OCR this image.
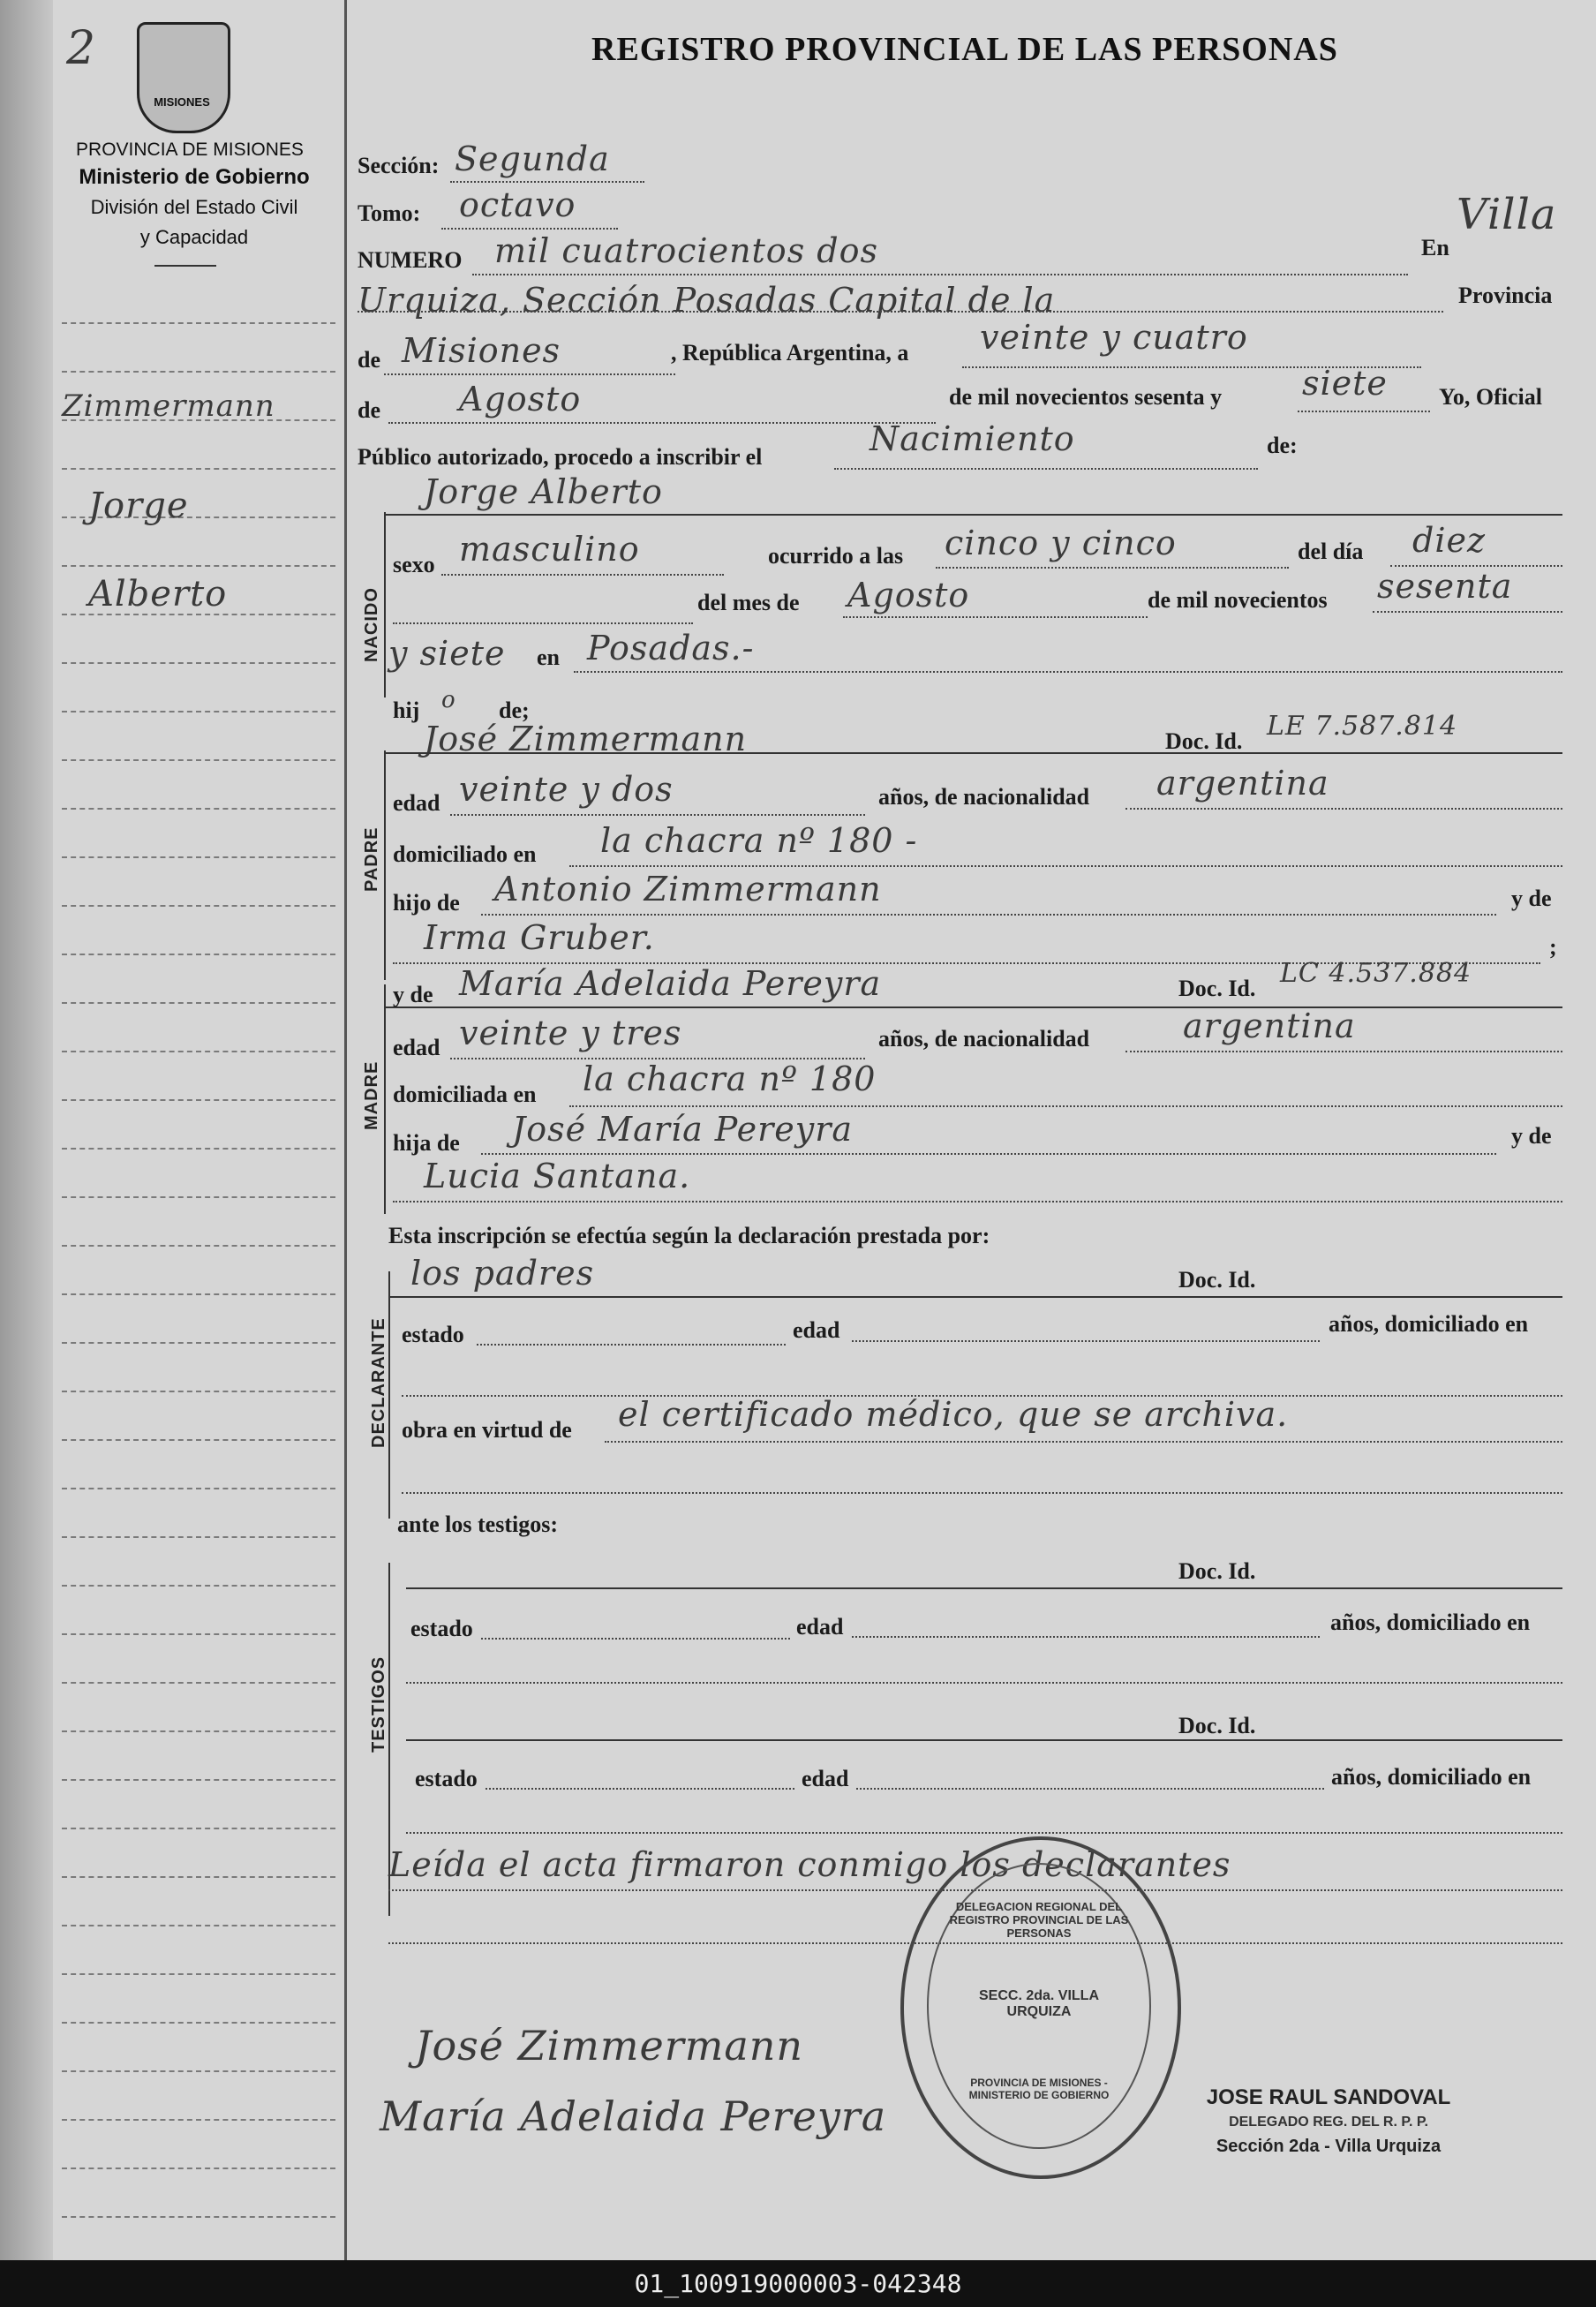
2
MISIONES
PROVINCIA DE MISIONES
Ministerio de Gobierno
División del Estado Civil
y Capacidad
Zimmermann
Jorge
Alberto
REGISTRO PROVINCIAL DE LAS PERSONAS
Sección: Segunda
Tomo: octavo
NUMERO mil cuatrocientos dos	En
Villa
Urquiza, Sección Posadas Capital de la	Provincia
de Misiones	, República Argentina, a veinte y cuatro
de Agosto	de mil novecientos sesenta y siete Yo, Oficial
Público autorizado, procedo a inscribir el	Nacimiento	de:
NACIDO
Jorge Alberto
sexo masculino	ocurrido a las cinco y cinco	del día diez
del mes de Agosto	de mil novecientos sesenta
y siete en Posadas.-
hij o de;
PADRE
José Zimmermann	Doc. Id. LE 7.587.814
edad veinte y dos	años, de nacionalidad argentina
domiciliado en la chacra nº 180 -
hijo de Antonio Zimmermann	y de
Irma Gruber.	;
MADRE
y de María Adelaida Pereyra	Doc. Id. LC 4.537.884
edad veinte y tres	años, de nacionalidad	argentina
domiciliada en la chacra nº 180
hija de José María Pereyra	y de
Lucia Santana.
Esta inscripción se efectúa según la declaración prestada por:
DECLARANTE
los padres	Doc. Id.
estado	edad	años, domiciliado en
obra en virtud de el certificado médico, que se archiva.
ante los testigos:
TESTIGOS
Doc. Id.
estado	edad	años, domiciliado en
Doc. Id.
estado	edad	años, domiciliado en
Leída el acta firmaron conmigo los declarantes
José Zimmermann
María Adelaida Pereyra
DELEGACION REGIONAL DEL REGISTRO PROVINCIAL DE LAS PERSONAS
SECC. 2da. VILLA URQUIZA
PROVINCIA DE MISIONES - MINISTERIO DE GOBIERNO	JOSE RAUL SANDOVAL
DELEGADO REG. DEL R. P. P.
Sección 2da - Villa Urquiza
01_100919000003-042348
